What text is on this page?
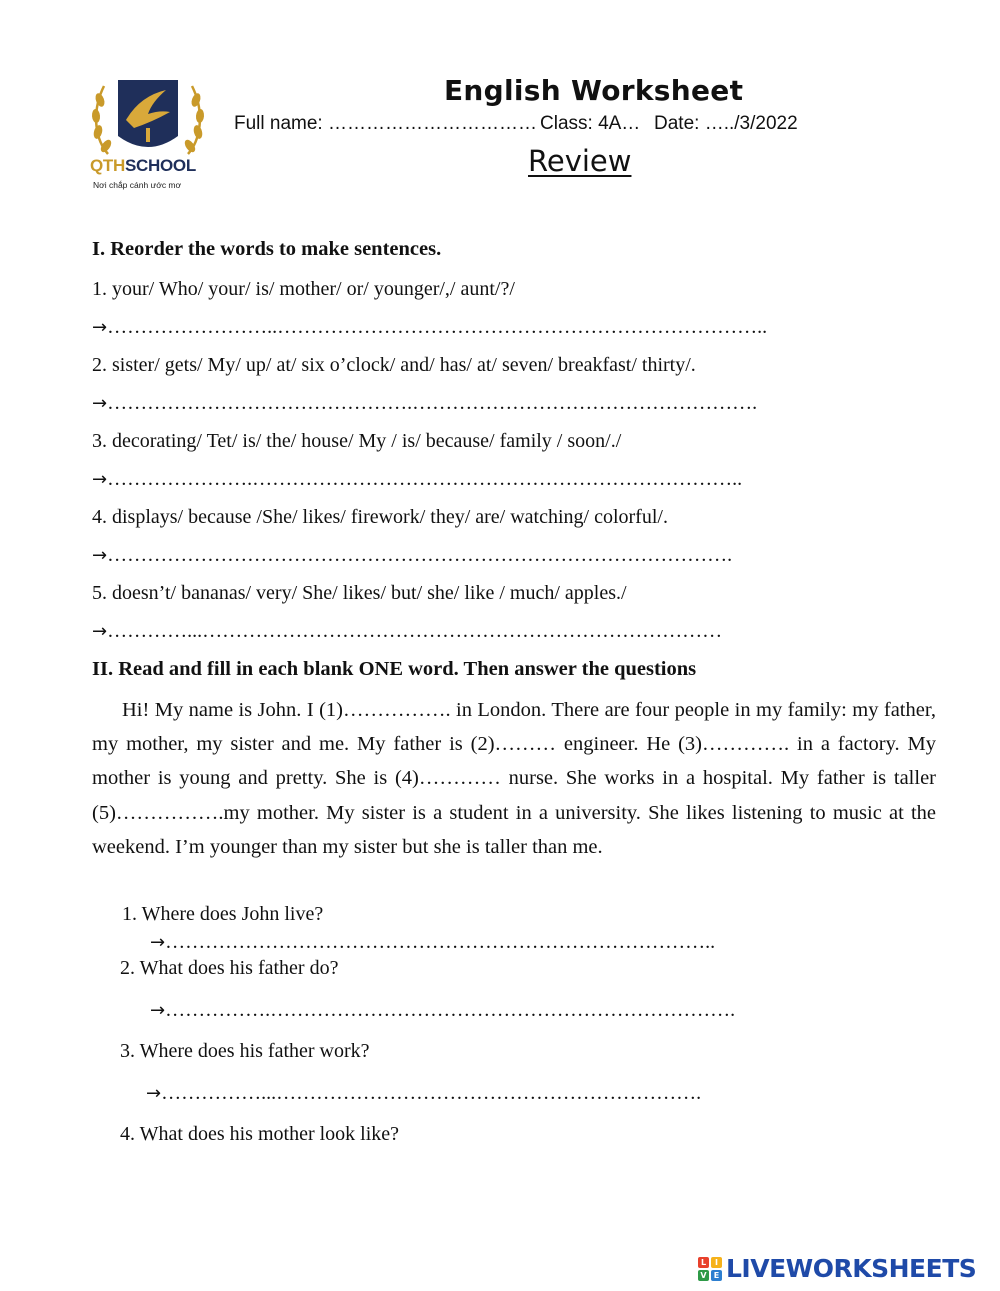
QTHSCHOOL
Nơi chắp cánh ước mơ
English Worksheet
Full name: …………………………… Class: 4A… Date: …../3/2022
Review
I. Reorder the words to make sentences.
1. your/ Who/ your/ is/ mother/ or/ younger/,/ aunt/?/
→……………………..………………………………………………………………..
2. sister/ gets/ My/ up/ at/ six o’clock/ and/ has/ at/ seven/ breakfast/ thirty/.
→……………………………………….…………………………………………….
3. decorating/ Tet/ is/ the/ house/ My / is/ because/ family / soon/./
→………………….………………………………………………………………..
4. displays/ because /She/ likes/ firework/ they/ are/ watching/ colorful/.
→………………………………………………………………………………….
5. doesn’t/ bananas/ very/ She/ likes/ but/ she/ like / much/ apples./
→…………...……………………………………………………………………
II. Read and fill in each blank ONE word. Then answer the questions
Hi! My name is John. I (1)……………. in London. There are four people in my family: my father, my mother, my sister and me. My father is (2)……… engineer. He (3)…………. in a factory. My mother is young and pretty. She is (4)………… nurse. She works in a hospital. My father is taller (5)…………….my mother. My sister is a student in a university. She likes listening to music at the weekend. I’m younger than my sister but she is taller than me.
1. Where does John live?
→………………………………………………………………………..
2. What does his father do?
→…………….…………………………………………………………….
3. Where does his father work?
→……………...……………………………………………………….
4. What does his mother look like?
L	I
V E LIVEWORKSHEETS
